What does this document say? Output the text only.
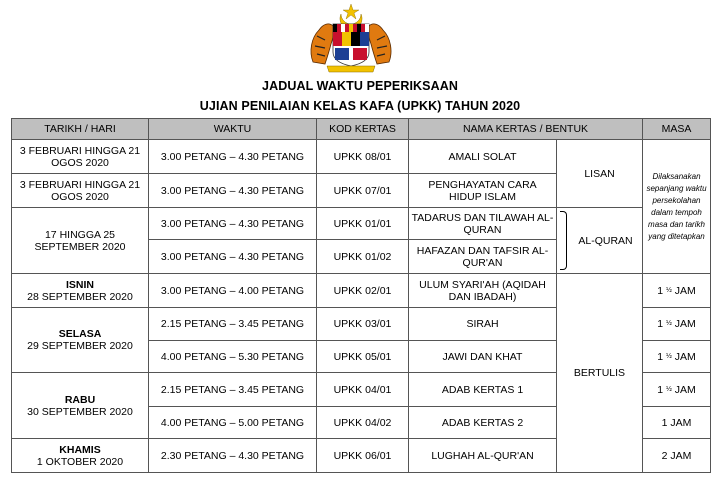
JADUAL WAKTU PEPERIKSAAN
UJIAN PENILAIAN KELAS KAFA (UPKK) TAHUN 2020
TARIKH / HARI	WAKTU	KOD KERTAS	NAMA KERTAS / BENTUK		MASA
3 FEBRUARI HINGGA 21 OGOS 2020	3.00 PETANG – 4.30 PETANG	UPKK 08/01	AMALI SOLAT	LISAN	Dilaksanakan sepanjang waktu persekolahan dalam tempoh masa dan tarikh yang ditetapkan
3 FEBRUARI HINGGA 21 OGOS 2020	3.00 PETANG – 4.30 PETANG	UPKK 07/01	PENGHAYATAN CARA HIDUP ISLAM		
17 HINGGA 25 SEPTEMBER 2020	3.00 PETANG – 4.30 PETANG	UPKK 01/01	TADARUS DAN TILAWAH AL-QURAN	AL-QURAN	

	3.00 PETANG – 4.30 PETANG	UPKK 01/02	HAFAZAN DAN TAFSIR AL-QUR'AN		
ISNIN
28 SEPTEMBER 2020	3.00 PETANG – 4.00 PETANG	UPKK 02/01	ULUM SYARI'AH (AQIDAH DAN IBADAH)	BERTULIS	1 ½ JAM
SELASA
29 SEPTEMBER 2020	2.15 PETANG – 3.45 PETANG	UPKK 03/01	SIRAH		1 ½ JAM
	4.00 PETANG – 5.30 PETANG	UPKK 05/01	JAWI DAN KHAT		1 ½ JAM
RABU
30 SEPTEMBER 2020	2.15 PETANG – 3.45 PETANG	UPKK 04/01	ADAB KERTAS 1		1 ½ JAM
	4.00 PETANG – 5.00 PETANG	UPKK 04/02	ADAB KERTAS 2		1 JAM
KHAMIS
1 OKTOBER 2020	2.30 PETANG – 4.30 PETANG	UPKK 06/01	LUGHAH AL-QUR'AN		2 JAM
